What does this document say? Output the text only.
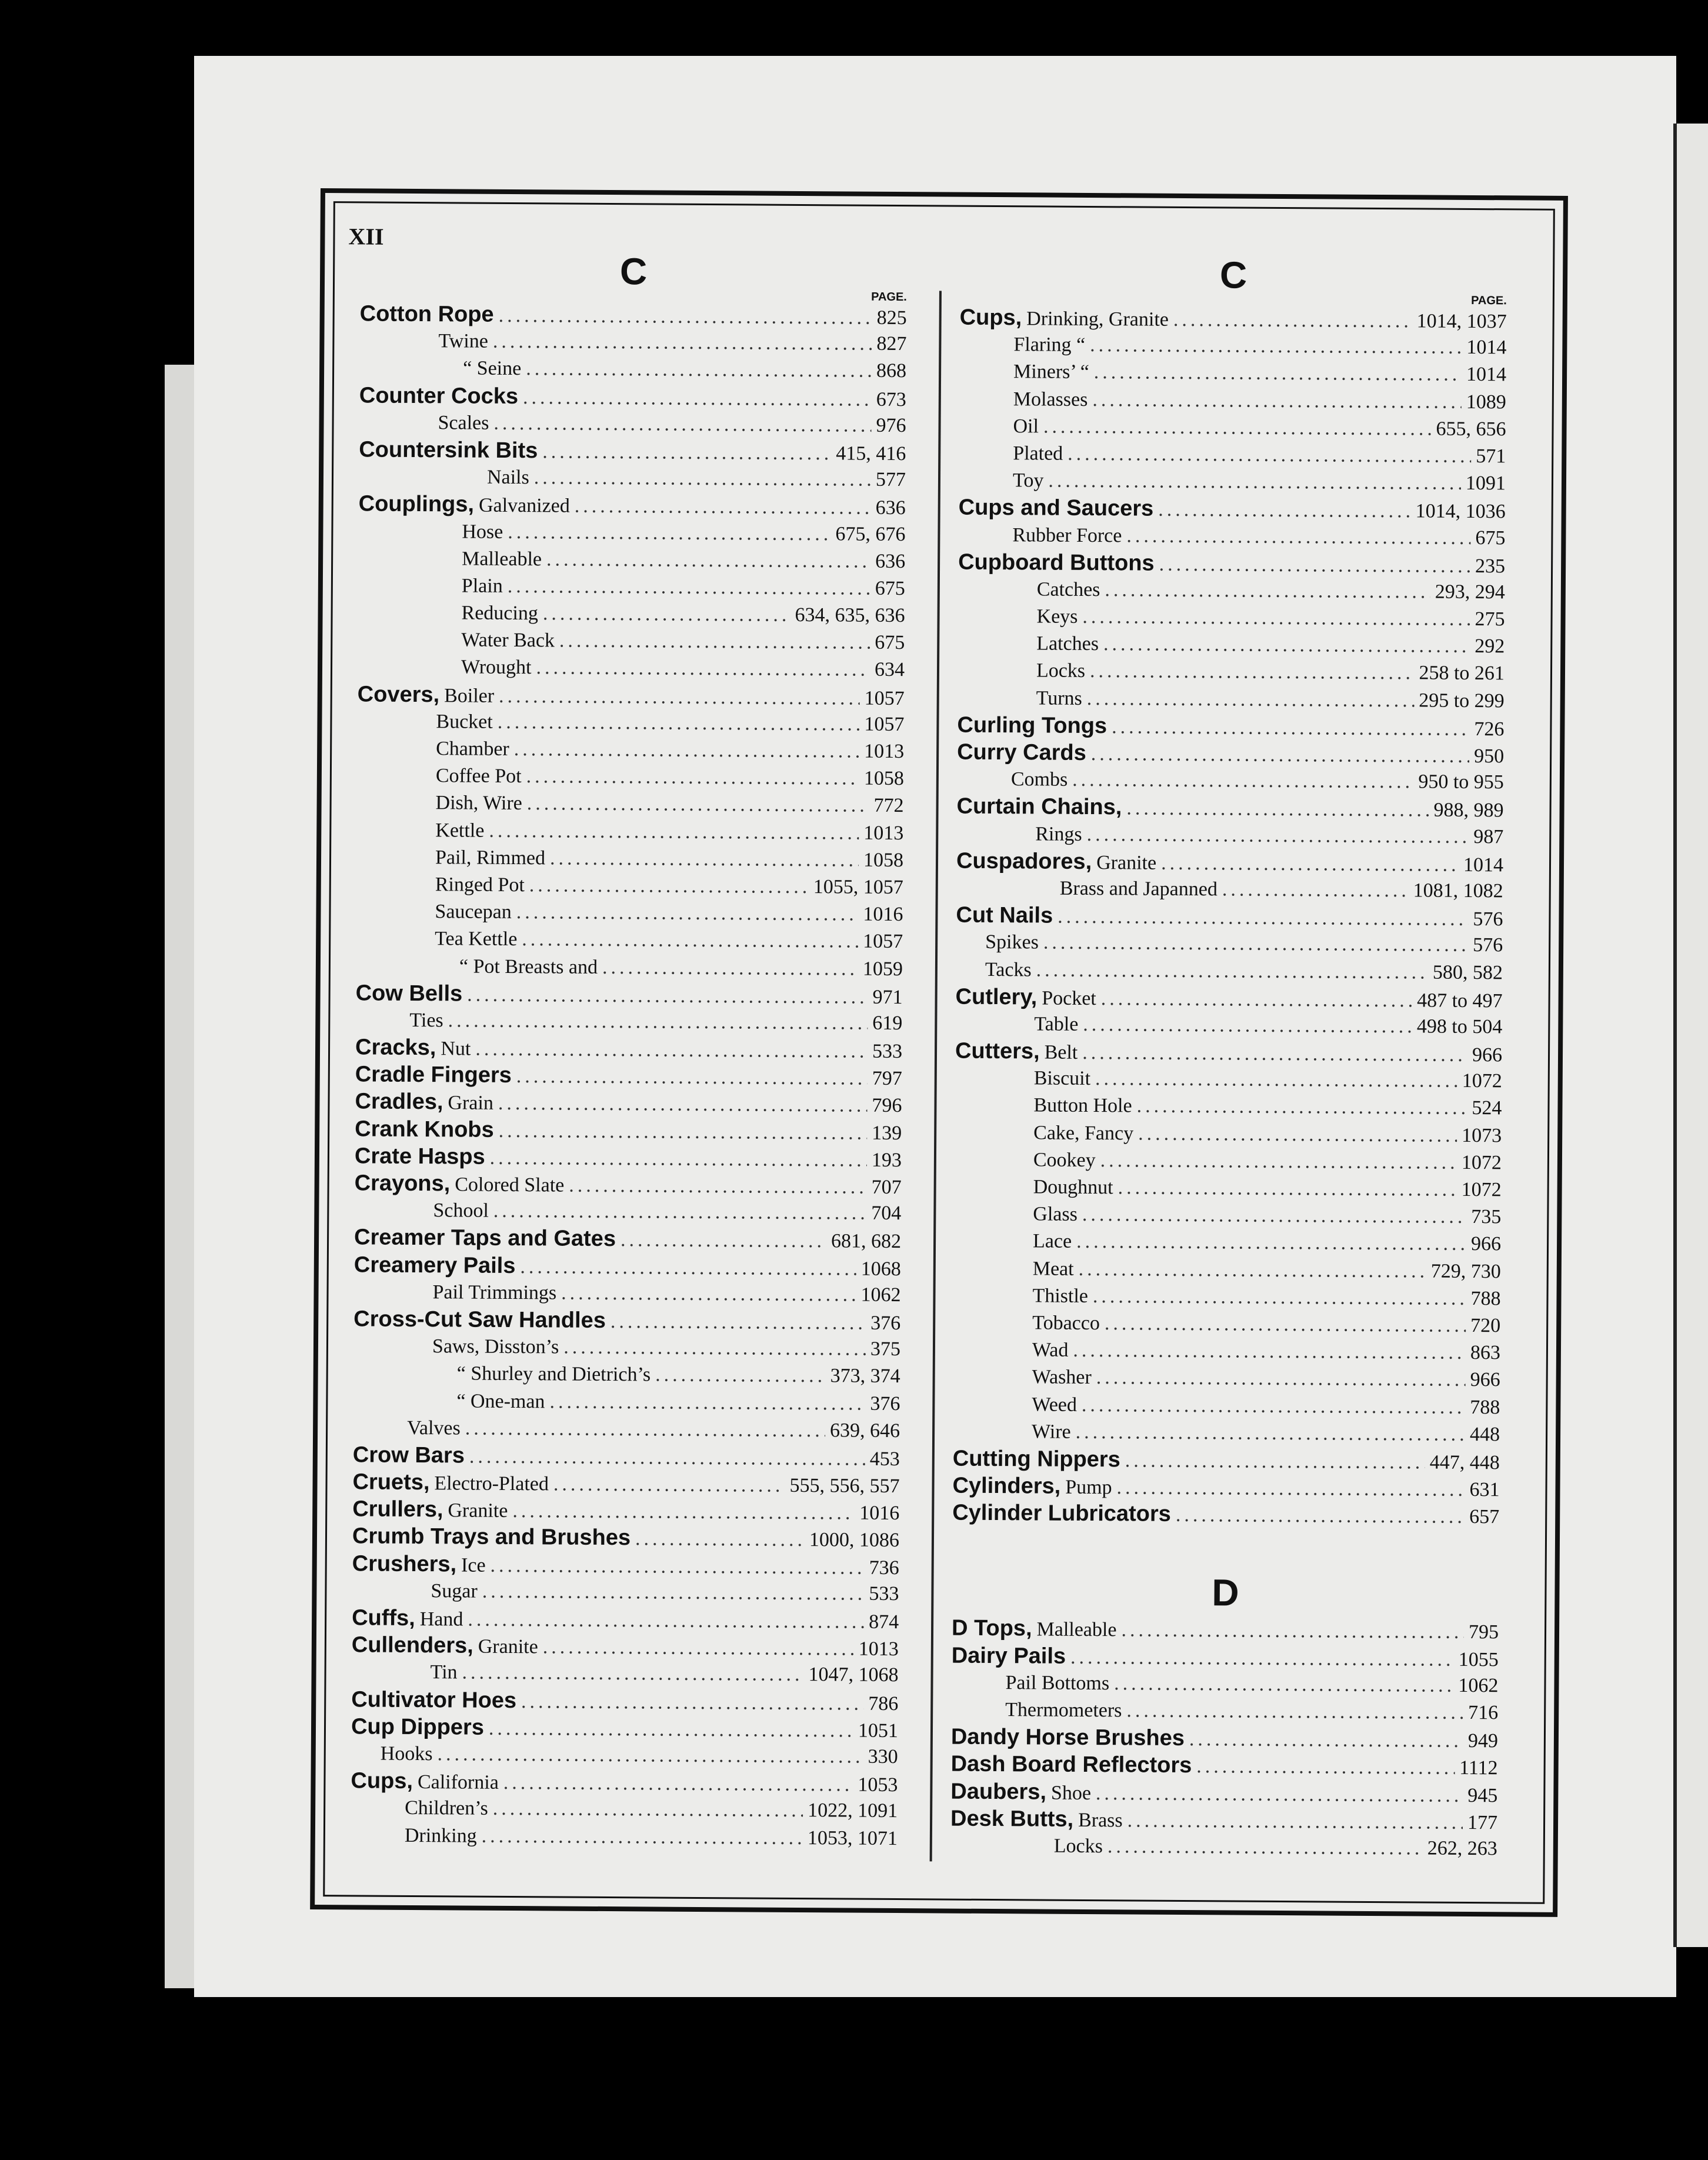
XII
C
PAGE.
Cotton Rope .....	825
Twine .....	827
“ Seine .....	868
Counter Cocks .....	673
Scales .....	976
Countersink Bits .....	415, 416
Nails .....	577
Couplings, Galvanized .....	636
Hose .....	675, 676
Malleable .....	636
Plain .....	675
Reducing .....	634, 635, 636
Water Back .....	675
Wrought .....	634
Covers, Boiler .....	1057
Bucket .....	1057
Chamber .....	1013
Coffee Pot .....	1058
Dish, Wire .....	772
Kettle .....	1013
Pail, Rimmed .....	1058
Ringed Pot .....	1055, 1057
Saucepan .....	1016
Tea Kettle .....	1057
“ Pot Breasts and .....	1059
Cow Bells .....	971
Ties .....	619
Cracks, Nut .....	533
Cradle Fingers .....	797
Cradles, Grain .....	796
Crank Knobs .....	139
Crate Hasps .....	193
Crayons, Colored Slate .....	707
School .....	704
Creamer Taps and Gates .....	681, 682
Creamery Pails .....	1068
Pail Trimmings .....	1062
Cross-Cut Saw Handles .....	376
Saws, Disston’s .....	375
“ Shurley and Dietrich’s .....	373, 374
“ One-man .....	376
Valves .....	639, 646
Crow Bars .....	453
Cruets, Electro-Plated .....	555, 556, 557
Crullers, Granite .....	1016
Crumb Trays and Brushes .....	1000, 1086
Crushers, Ice .....	736
Sugar .....	533
Cuffs, Hand .....	874
Cullenders, Granite .....	1013
Tin .....	1047, 1068
Cultivator Hoes .....	786
Cup Dippers .....	1051
Hooks .....	330
Cups, California .....	1053
Children’s .....	1022, 1091
Drinking .....	1053, 1071
C
PAGE.
Cups, Drinking, Granite .....	1014, 1037
Flaring “ .....	1014
Miners’ “ .....	1014
Molasses .....	1089
Oil .....	655, 656
Plated .....	571
Toy .....	1091
Cups and Saucers .....	1014, 1036
Rubber Force .....	675
Cupboard Buttons .....	235
Catches .....	293, 294
Keys .....	275
Latches .....	292
Locks .....	258 to 261
Turns .....	295 to 299
Curling Tongs .....	726
Curry Cards .....	950
Combs .....	950 to 955
Curtain Chains, .....	988, 989
Rings .....	987
Cuspadores, Granite .....	1014
Brass and Japanned .....	1081, 1082
Cut Nails .....	576
Spikes .....	576
Tacks .....	580, 582
Cutlery, Pocket .....	487 to 497
Table .....	498 to 504
Cutters, Belt .....	966
Biscuit .....	1072
Button Hole .....	524
Cake, Fancy .....	1073
Cookey .....	1072
Doughnut .....	1072
Glass .....	735
Lace .....	966
Meat .....	729, 730
Thistle .....	788
Tobacco .....	720
Wad .....	863
Washer .....	966
Weed .....	788
Wire .....	448
Cutting Nippers .....	447, 448
Cylinders, Pump .....	631
Cylinder Lubricators .....	657
D
D Tops, Malleable .....	795
Dairy Pails .....	1055
Pail Bottoms .....	1062
Thermometers .....	716
Dandy Horse Brushes .....	949
Dash Board Reflectors .....	1112
Daubers, Shoe .....	945
Desk Butts, Brass .....	177
Locks .....	262, 263
